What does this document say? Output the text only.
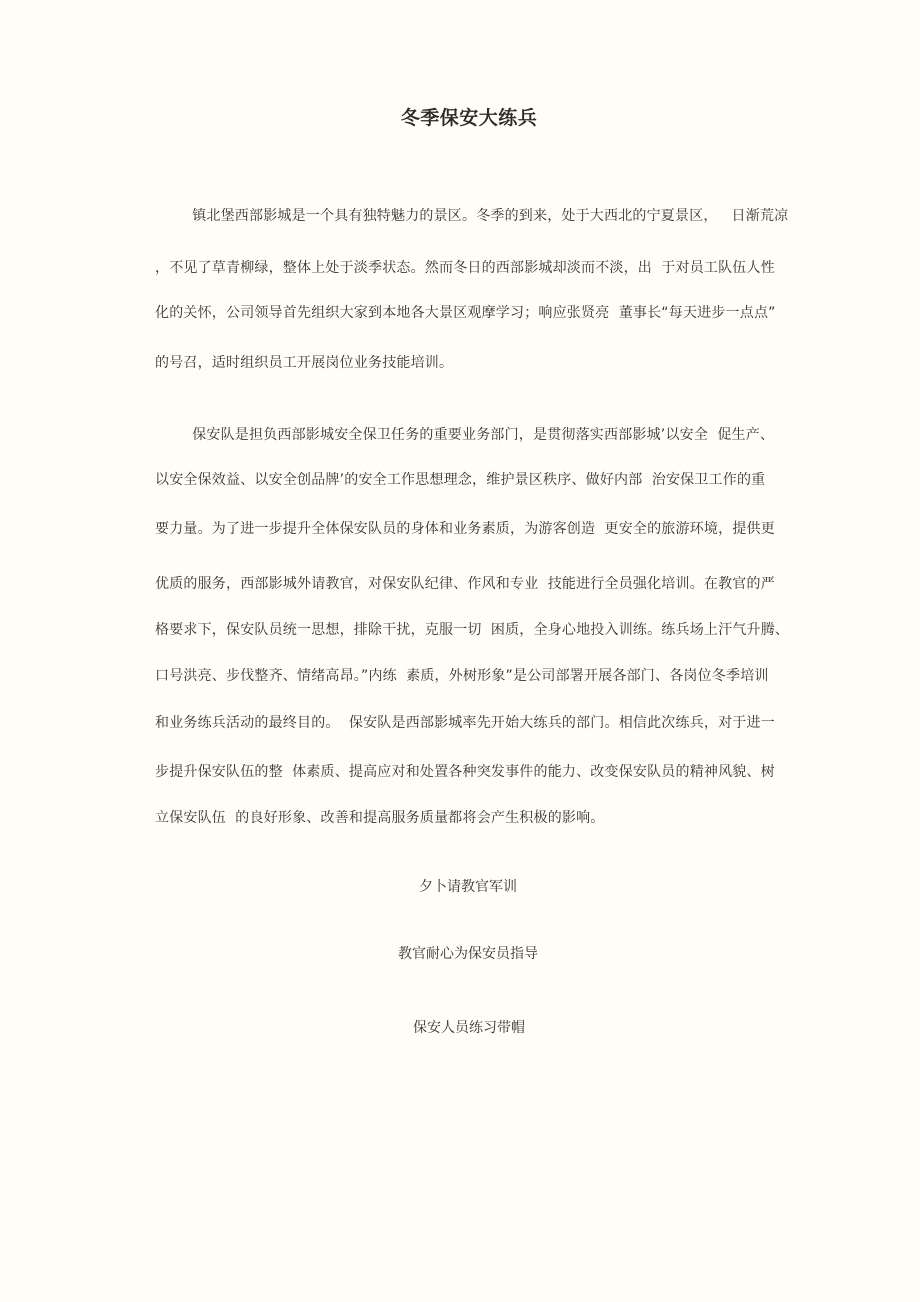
冬季保安大练兵
镇北堡西部影城是一个具有独特魅力的景区。冬季的到来，处于大西北的宁夏景区，   日渐荒凉
，不见了草青柳绿，整体上处于淡季状态。然而冬日的西部影城却淡而不淡，出  于对员工队伍人性
化的关怀，公司领导首先组织大家到本地各大景区观摩学习；响应张贤亮  董事长“每天进步一点点”
的号召，适时组织员工开展岗位业务技能培训。
保安队是担负西部影城安全保卫任务的重要业务部门，是贯彻落实西部影城’以安全  促生产、
以安全保效益、以安全创品牌’的安全工作思想理念，维护景区秩序、做好内部  治安保卫工作的重
要力量。为了进一步提升全体保安队员的身体和业务素质，为游客创造  更安全的旅游环境，提供更
优质的服务，西部影城外请教官，对保安队纪律、作风和专业  技能进行全员强化培训。在教官的严
格要求下，保安队员统一思想，排除干扰，克服一切  困质，全身心地投入训练。练兵场上汗气升腾、
口号洪亮、步伐整齐、情绪高昂。”内练  素质，外树形象”是公司部署开展各部门、各岗位冬季培训
和业务练兵活动的最终目的。  保安队是西部影城率先开始大练兵的部门。相信此次练兵，对于进一
步提升保安队伍的整  体素质、提高应对和处置各种突发事件的能力、改变保安队员的精神风貌、树
立保安队伍  的良好形象、改善和提高服务质量都将会产生积极的影响。
夕卜请教官军训
教官耐心为保安员指导
保安人员练习带帽
